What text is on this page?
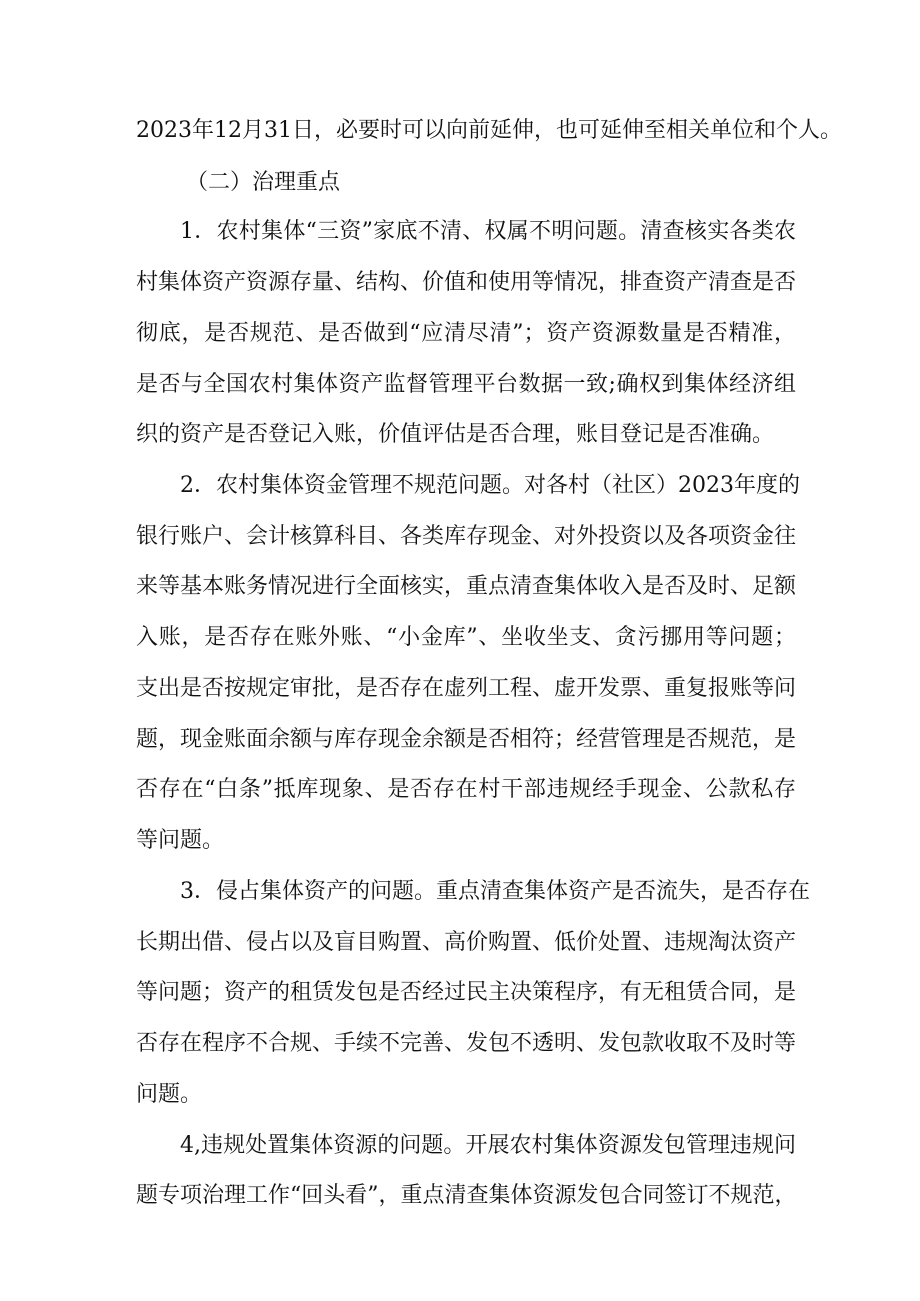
2023年12月31日，必要时可以向前延伸，也可延伸至相关单位和个人。
（二）治理重点
1．农村集体“三资”家底不清、权属不明问题。清查核实各类农
村集体资产资源存量、结构、价值和使用等情况，排查资产清查是否
彻底，是否规范、是否做到“应清尽清”；资产资源数量是否精准，
是否与全国农村集体资产监督管理平台数据一致;确权到集体经济组
织的资产是否登记入账，价值评估是否合理，账目登记是否准确。
2．农村集体资金管理不规范问题。对各村（社区）2023年度的
银行账户、会计核算科目、各类库存现金、对外投资以及各项资金往
来等基本账务情况进行全面核实，重点清查集体收入是否及时、足额
入账，是否存在账外账、“小金库”、坐收坐支、贪污挪用等问题；
支出是否按规定审批，是否存在虚列工程、虚开发票、重复报账等问
题，现金账面余额与库存现金余额是否相符；经营管理是否规范，是
否存在“白条”抵库现象、是否存在村干部违规经手现金、公款私存
等问题。
3．侵占集体资产的问题。重点清查集体资产是否流失，是否存在
长期出借、侵占以及盲目购置、高价购置、低价处置、违规淘汰资产
等问题；资产的租赁发包是否经过民主决策程序，有无租赁合同，是
否存在程序不合规、手续不完善、发包不透明、发包款收取不及时等
问题。
4,违规处置集体资源的问题。开展农村集体资源发包管理违规问
题专项治理工作“回头看”，重点清查集体资源发包合同签订不规范，
